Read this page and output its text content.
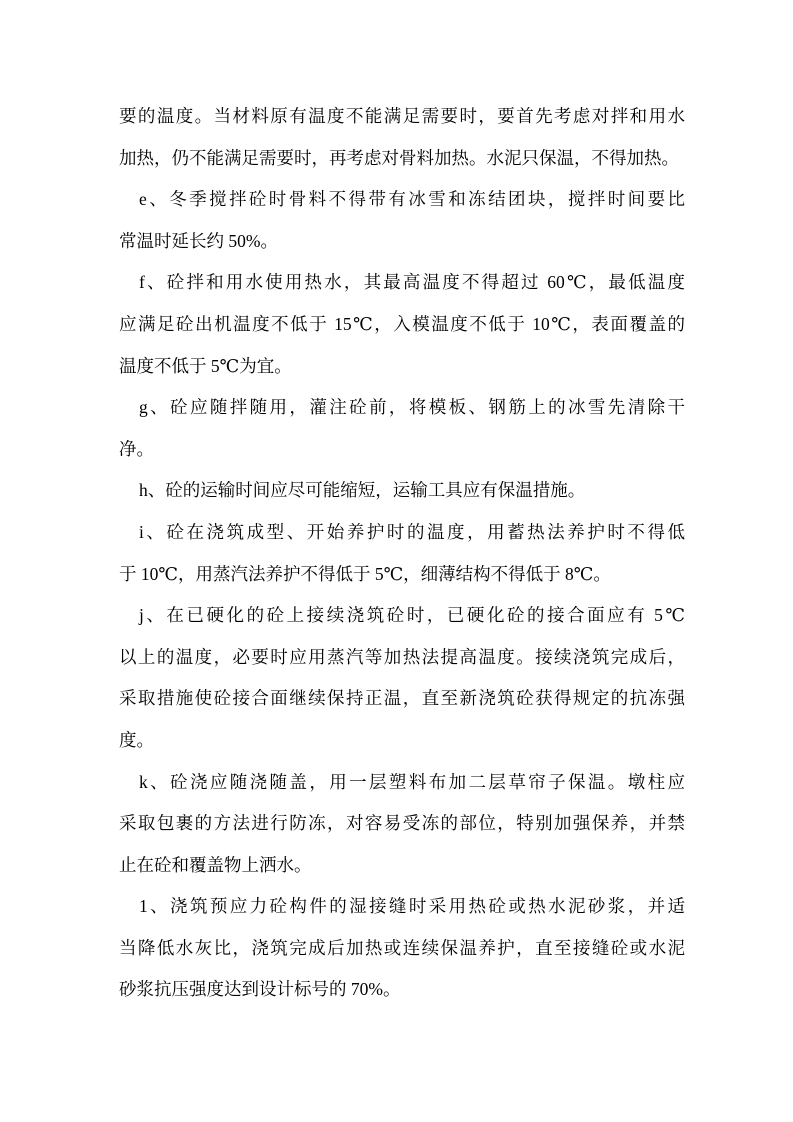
要的温度。当材料原有温度不能满足需要时，要首先考虑对拌和用水
加热，仍不能满足需要时，再考虑对骨料加热。水泥只保温，不得加热。
e、冬季搅拌砼时骨料不得带有冰雪和冻结团块，搅拌时间要比
常温时延长约 50%。
f、砼拌和用水使用热水，其最高温度不得超过 60℃，最低温度
应满足砼出机温度不低于 15℃，入模温度不低于 10℃，表面覆盖的
温度不低于 5℃为宜。
g、砼应随拌随用，灌注砼前，将模板、钢筋上的冰雪先清除干
净。
h、砼的运输时间应尽可能缩短，运输工具应有保温措施。
i、砼在浇筑成型、开始养护时的温度，用蓄热法养护时不得低
于 10℃，用蒸汽法养护不得低于 5℃，细薄结构不得低于 8℃。
j、在已硬化的砼上接续浇筑砼时，已硬化砼的接合面应有 5℃
以上的温度，必要时应用蒸汽等加热法提高温度。接续浇筑完成后，
采取措施使砼接合面继续保持正温，直至新浇筑砼获得规定的抗冻强
度。
k、砼浇应随浇随盖，用一层塑料布加二层草帘子保温。墩柱应
采取包裹的方法进行防冻，对容易受冻的部位，特别加强保养，并禁
止在砼和覆盖物上洒水。
1、浇筑预应力砼构件的湿接缝时采用热砼或热水泥砂浆，并适
当降低水灰比，浇筑完成后加热或连续保温养护，直至接缝砼或水泥
砂浆抗压强度达到设计标号的 70%。
